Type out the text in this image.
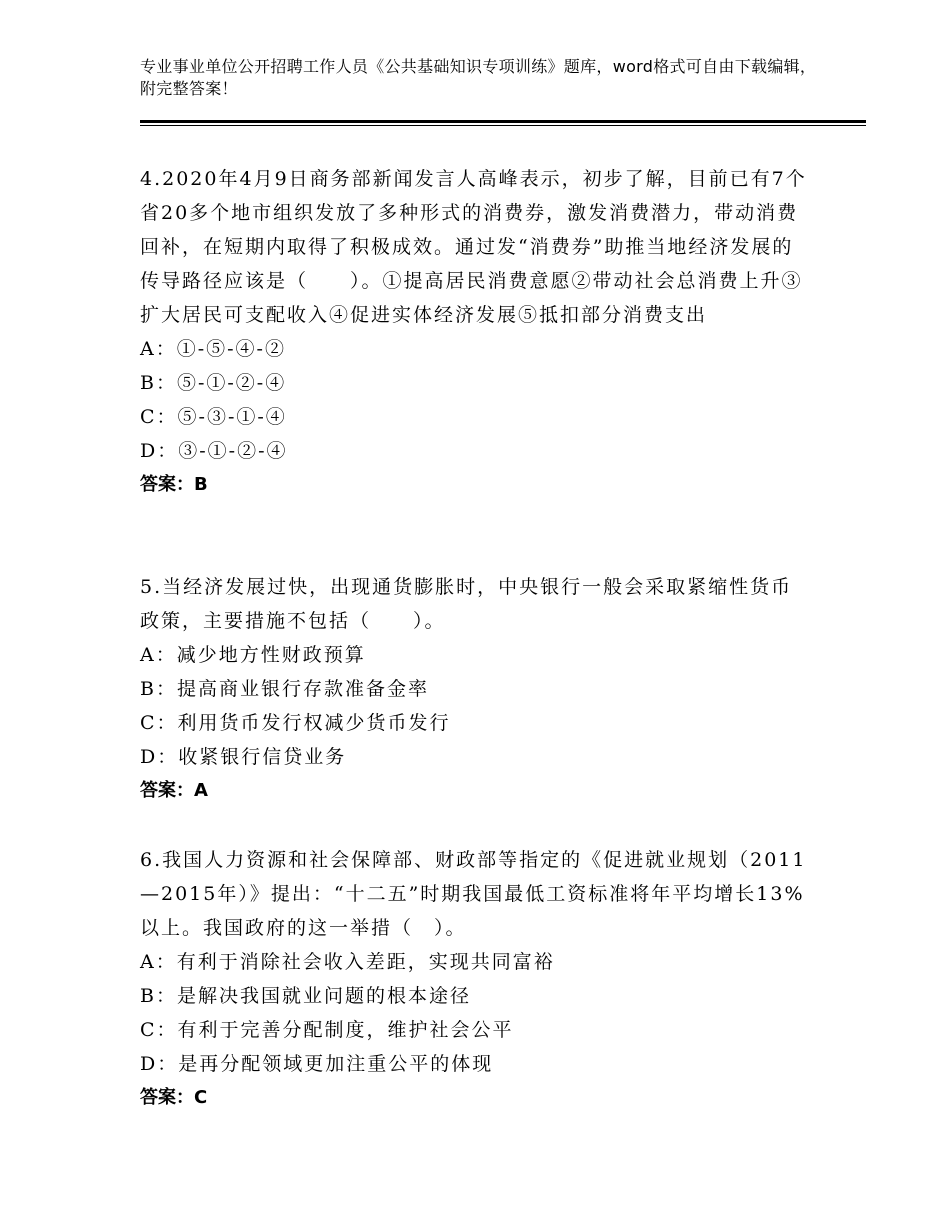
专业事业单位公开招聘工作人员《公共基础知识专项训练》题库，word格式可自由下载编辑，附完整答案！
4.2020年4月9日商务部新闻发言人高峰表示，初步了解，目前已有7个省20多个地市组织发放了多种形式的消费券，激发消费潜力，带动消费回补，在短期内取得了积极成效。通过发“消费券”助推当地经济发展的传导路径应该是（　　）。①提高居民消费意愿②带动社会总消费上升③扩大居民可支配收入④促进实体经济发展⑤抵扣部分消费支出
A：①-⑤-④-②
B：⑤-①-②-④
C：⑤-③-①-④
D：③-①-②-④
答案：B
5.当经济发展过快，出现通货膨胀时，中央银行一般会采取紧缩性货币政策，主要措施不包括（　　）。
A：减少地方性财政预算
B：提高商业银行存款准备金率
C：利用货币发行权减少货币发行
D：收紧银行信贷业务
答案：A
6.我国人力资源和社会保障部、财政部等指定的《促进就业规划（2011—2015年）》提出：“十二五”时期我国最低工资标准将年平均增长13%以上。我国政府的这一举措（　）。
A：有利于消除社会收入差距，实现共同富裕
B：是解决我国就业问题的根本途径
C：有利于完善分配制度，维护社会公平
D：是再分配领域更加注重公平的体现
答案：C
